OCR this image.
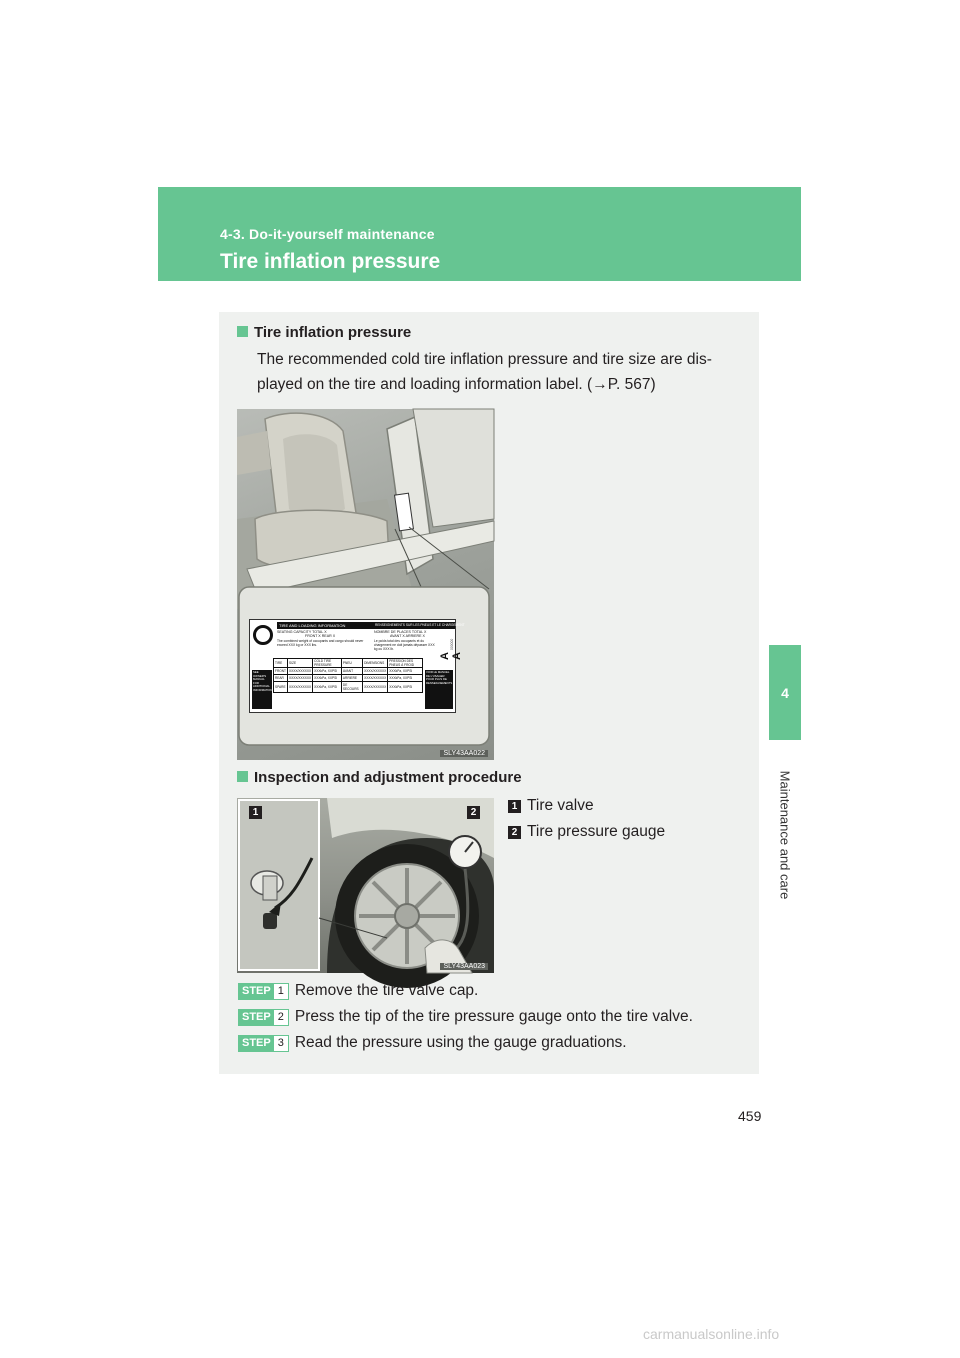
4-3. Do-it-yourself maintenance
Tire inflation pressure
4
Maintenance and care
Tire inflation pressure
The recommended cold tire inflation pressure and tire size are dis-played on the tire and loading information label. (→P. 567)
TIRE AND LOADING INFORMATION	RENSEIGNEMENTS SUR LES PNEUS ET LE CHARGEMENT
SEATING CAPACITY TOTAL X
FRONT X REAR X
NOMBRE DE PLACES TOTAL X
AVANT X ARRIERE X
The combined weight of occupants and cargo should never exceed XXX kg or XXX lbs.
Le poids total des occupants et du chargement ne doit jamais dépasser XXX kg ou XXX lb.
A A
000000
SEE OWNER'S MANUAL FOR ADDITIONAL INFORMATION
VOIR LE MANUEL DE L'USAGER POUR PLUS DE RENSEIGNEMENTS
TIRE	SIZE	COLD TIRE PRESSURE	PNEU	DIMENSIONS	PRESSION DES PNEUS À FROID
FRONT	XXXX/XXXXXX	XXXkPa, XXPSI	AVANT	XXXX/XXXXXX	XXXkPa, XXPSI
REAR	XXXX/XXXXXX	XXXkPa, XXPSI	ARRIERE	XXXX/XXXXXX	XXXkPa, XXPSI
SPARE	XXXX/XXXXXX	XXXkPa, XXPSI	DE SECOURS	XXXX/XXXXXX	XXXkPa, XXPSI
SLY43AA022
Inspection and adjustment procedure
1	2
SLY43AA023
1 Tire valve
2 Tire pressure gauge
STEP 1 Remove the tire valve cap.
STEP 2 Press the tip of the tire pressure gauge onto the tire valve.
STEP 3 Read the pressure using the gauge graduations.
459
carmanualsonline.info
